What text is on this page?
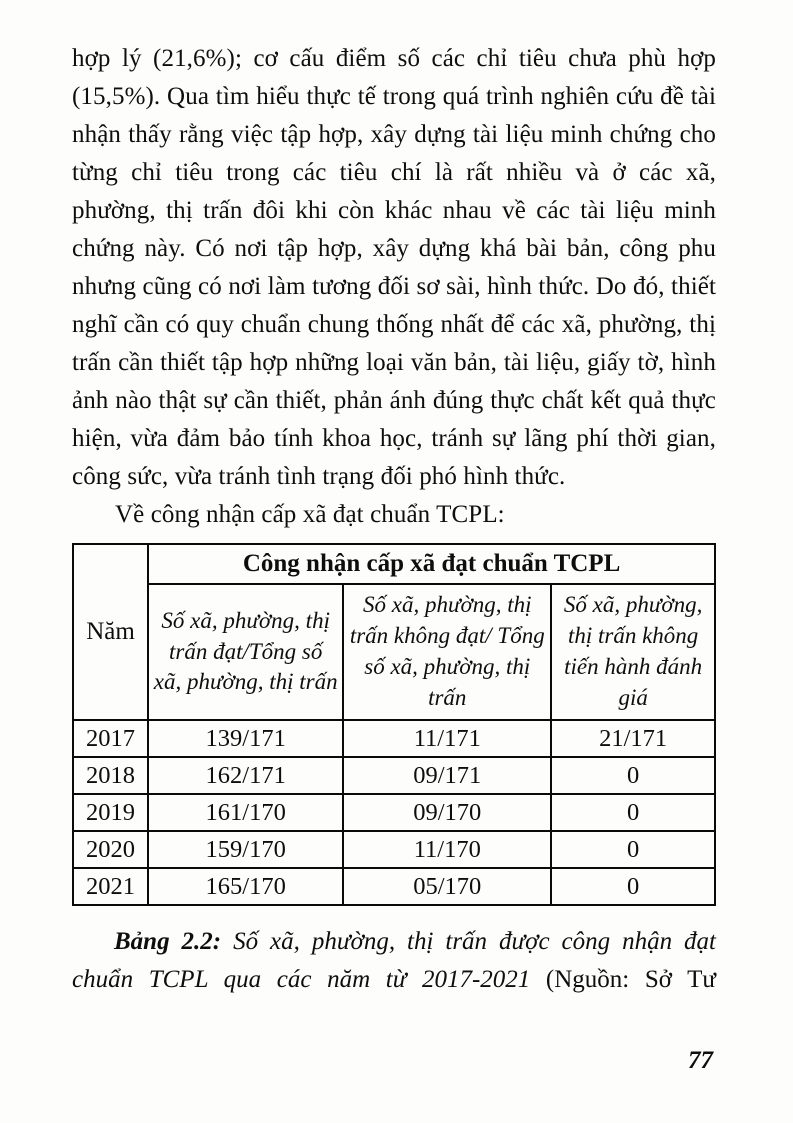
hợp lý (21,6%); cơ cấu điểm số các chỉ tiêu chưa phù hợp (15,5%). Qua tìm hiểu thực tế trong quá trình nghiên cứu đề tài nhận thấy rằng việc tập hợp, xây dựng tài liệu minh chứng cho từng chỉ tiêu trong các tiêu chí là rất nhiều và ở các xã, phường, thị trấn đôi khi còn khác nhau về các tài liệu minh chứng này. Có nơi tập hợp, xây dựng khá bài bản, công phu nhưng cũng có nơi làm tương đối sơ sài, hình thức. Do đó, thiết nghĩ cần có quy chuẩn chung thống nhất để các xã, phường, thị trấn cần thiết tập hợp những loại văn bản, tài liệu, giấy tờ, hình ảnh nào thật sự cần thiết, phản ánh đúng thực chất kết quả thực hiện, vừa đảm bảo tính khoa học, tránh sự lãng phí thời gian, công sức, vừa tránh tình trạng đối phó hình thức.

Về công nhận cấp xã đạt chuẩn TCPL:

Năm	Công nhận cấp xã đạt chuẩn TCPL		
	Số xã, phường, thị trấn đạt/Tổng số xã, phường, thị trấn	Số xã, phường, thị trấn không đạt/ Tổng số xã, phường, thị trấn	Số xã, phường, thị trấn không tiến hành đánh giá
2017	139/171	11/171	21/171
2018	162/171	09/171	0
2019	161/170	09/170	0
2020	159/170	11/170	0
2021	165/170	05/170	0

Bảng 2.2: Số xã, phường, thị trấn được công nhận đạt chuẩn TCPL qua các năm từ 2017-2021 (Nguồn: Sở Tư

77
